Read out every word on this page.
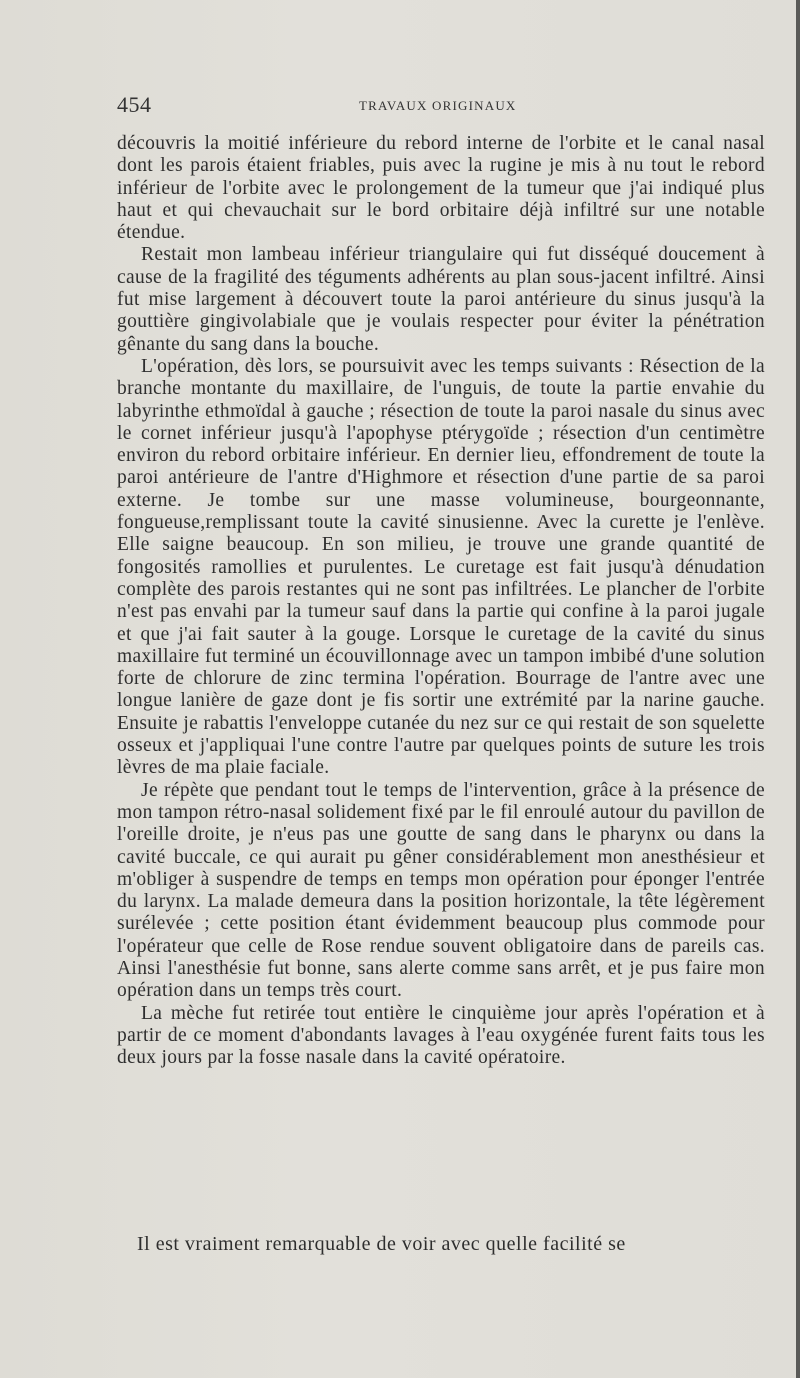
454	TRAVAUX ORIGINAUX

découvris la moitié inférieure du rebord interne de l'orbite et le canal nasal dont les parois étaient friables, puis avec la rugine je mis à nu tout le rebord inférieur de l'orbite avec le prolongement de la tumeur que j'ai indiqué plus haut et qui chevauchait sur le bord orbitaire déjà infiltré sur une notable étendue.

Restait mon lambeau inférieur triangulaire qui fut disséqué doucement à cause de la fragilité des téguments adhérents au plan sous-jacent infiltré. Ainsi fut mise largement à découvert toute la paroi antérieure du sinus jusqu'à la gouttière gingivolabiale que je voulais respecter pour éviter la pénétration gênante du sang dans la bouche.

L'opération, dès lors, se poursuivit avec les temps suivants : Résection de la branche montante du maxillaire, de l'unguis, de toute la partie envahie du labyrinthe ethmoïdal à gauche ; résection de toute la paroi nasale du sinus avec le cornet inférieur jusqu'à l'apophyse ptérygoïde ; résection d'un centimètre environ du rebord orbitaire inférieur. En dernier lieu, effondrement de toute la paroi antérieure de l'antre d'Highmore et résection d'une partie de sa paroi externe. Je tombe sur une masse volumineuse, bourgeonnante, fongueuse,remplissant toute la cavité sinusienne. Avec la curette je l'enlève. Elle saigne beaucoup. En son milieu, je trouve une grande quantité de fongosités ramollies et purulentes. Le curetage est fait jusqu'à dénudation complète des parois restantes qui ne sont pas infiltrées. Le plancher de l'orbite n'est pas envahi par la tumeur sauf dans la partie qui confine à la paroi jugale et que j'ai fait sauter à la gouge. Lorsque le curetage de la cavité du sinus maxillaire fut terminé un écouvillonnage avec un tampon imbibé d'une solution forte de chlorure de zinc termina l'opération. Bourrage de l'antre avec une longue lanière de gaze dont je fis sortir une extrémité par la narine gauche. Ensuite je rabattis l'enveloppe cutanée du nez sur ce qui restait de son squelette osseux et j'appliquai l'une contre l'autre par quelques points de suture les trois lèvres de ma plaie faciale.

Je répète que pendant tout le temps de l'intervention, grâce à la présence de mon tampon rétro-nasal solidement fixé par le fil enroulé autour du pavillon de l'oreille droite, je n'eus pas une goutte de sang dans le pharynx ou dans la cavité buccale, ce qui aurait pu gêner considérablement mon anesthésieur et m'obliger à suspendre de temps en temps mon opération pour éponger l'entrée du larynx. La malade demeura dans la position horizontale, la tête légèrement surélevée ; cette position étant évidemment beaucoup plus commode pour l'opérateur que celle de Rose rendue souvent obligatoire dans de pareils cas. Ainsi l'anesthésie fut bonne, sans alerte comme sans arrêt, et je pus faire mon opération dans un temps très court.

La mèche fut retirée tout entière le cinquième jour après l'opération et à partir de ce moment d'abondants lavages à l'eau oxygénée furent faits tous les deux jours par la fosse nasale dans la cavité opératoire.

Il est vraiment remarquable de voir avec quelle facilité se
